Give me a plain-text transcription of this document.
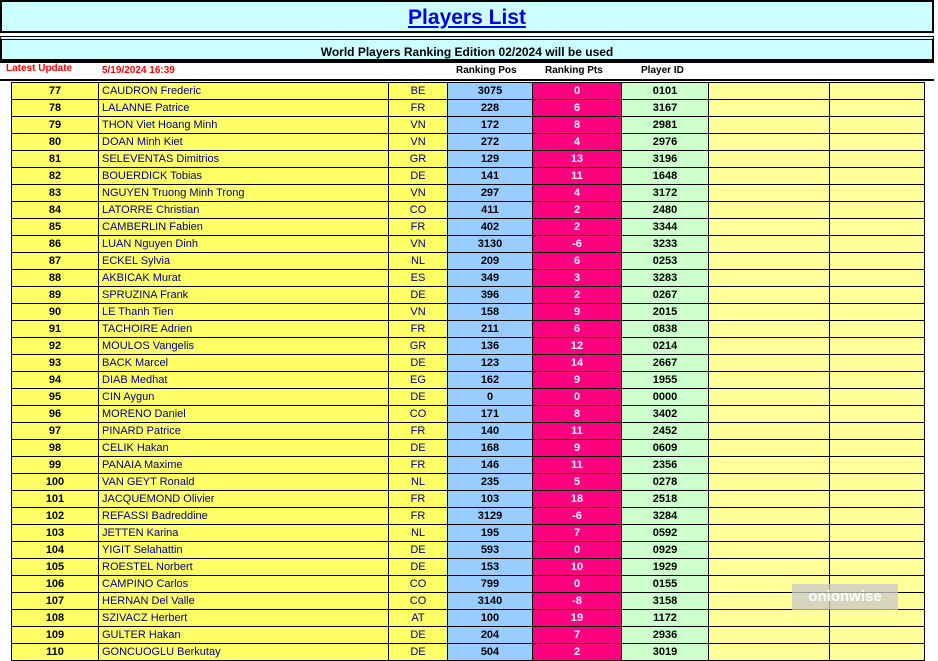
Players List
World Players Ranking Edition 02/2024 will be used
Latest Update	5/19/2024 16:39	Ranking Pos	Ranking Pts	Player ID
77	CAUDRON Frederic	BE	3075	0	0101		
78	LALANNE Patrice	FR	228	6	3167		
79	THON Viet Hoang Minh	VN	172	8	2981		
80	DOAN Minh Kiet	VN	272	4	2976		
81	SELEVENTAS Dimitrios	GR	129	13	3196		
82	BOUERDICK Tobias	DE	141	11	1648		
83	NGUYEN Truong Minh Trong	VN	297	4	3172		
84	LATORRE Christian	CO	411	2	2480		
85	CAMBERLIN Fabien	FR	402	2	3344		
86	LUAN Nguyen Dinh	VN	3130	-6	3233		
87	ECKEL Sylvia	NL	209	6	0253		
88	AKBICAK Murat	ES	349	3	3283		
89	SPRUZINA Frank	DE	396	2	0267		
90	LE Thanh Tien	VN	158	9	2015		
91	TACHOIRE Adrien	FR	211	6	0838		
92	MOULOS Vangelis	GR	136	12	0214		
93	BACK Marcel	DE	123	14	2667		
94	DIAB Medhat	EG	162	9	1955		
95	CIN Aygun	DE	0	0	0000		
96	MORENO Daniel	CO	171	8	3402		
97	PINARD Patrice	FR	140	11	2452		
98	CELIK Hakan	DE	168	9	0609		
99	PANAIA Maxime	FR	146	11	2356		
100	VAN GEYT Ronald	NL	235	5	0278		
101	JACQUEMOND Olivier	FR	103	18	2518		
102	REFASSI Badreddine	FR	3129	-6	3284		
103	JETTEN Karina	NL	195	7	0592		
104	YIGIT Selahattin	DE	593	0	0929		
105	ROESTEL Norbert	DE	153	10	1929		
106	CAMPINO Carlos	CO	799	0	0155		
107	HERNAN Del Valle	CO	3140	-8	3158		
108	SZIVACZ Herbert	AT	100	19	1172		
109	GULTER Hakan	DE	204	7	2936		
110	GONCUOGLU Berkutay	DE	504	2	3019		
onionwise
